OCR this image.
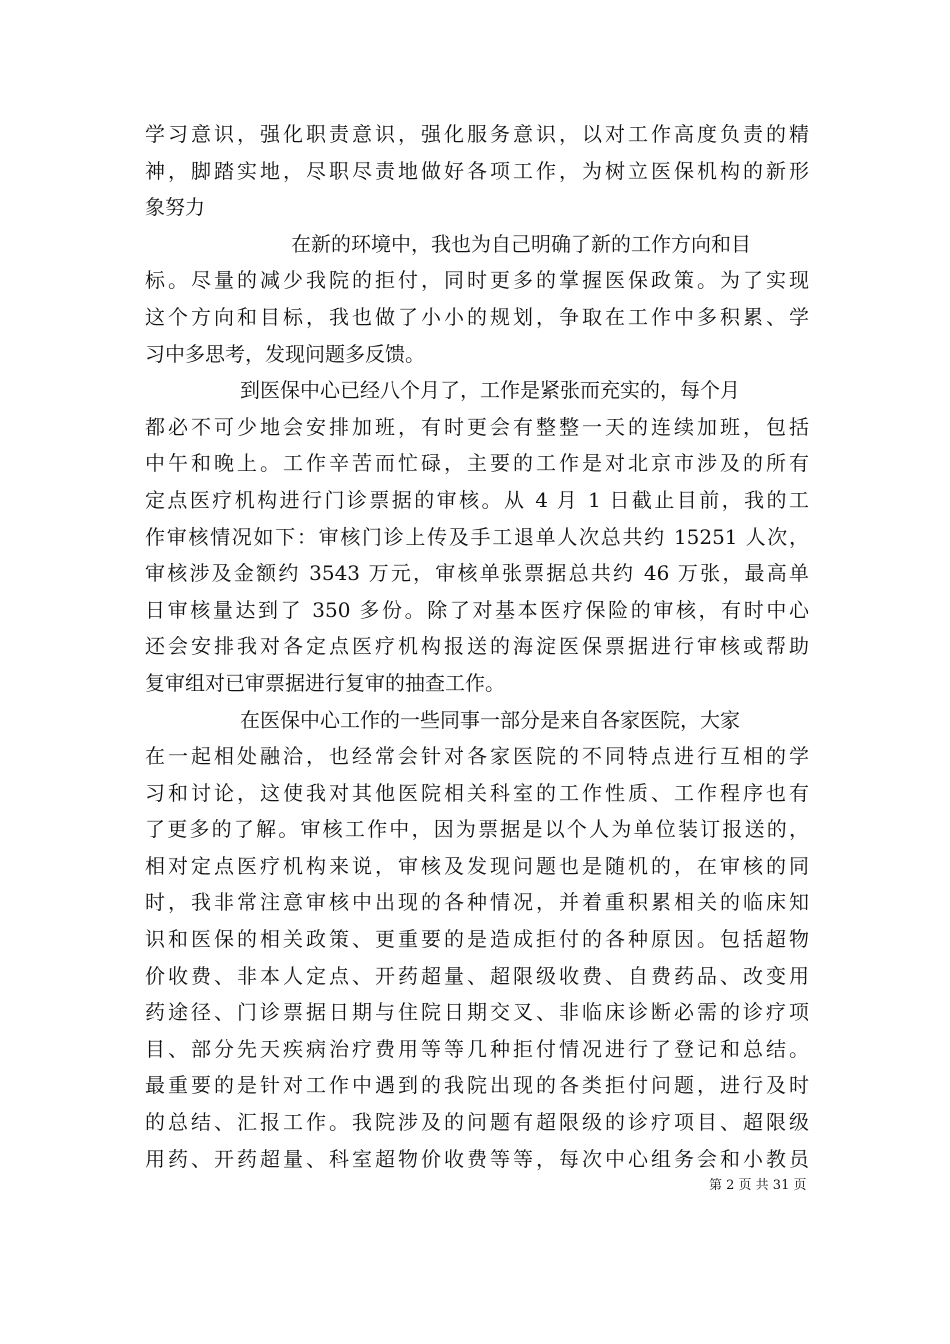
学习意识，强化职责意识，强化服务意识，以对工作高度负责的精
神，脚踏实地，尽职尽责地做好各项工作，为树立医保机构的新形
象努力
在新的环境中，我也为自己明确了新的工作方向和目
标。尽量的减少我院的拒付，同时更多的掌握医保政策。为了实现
这个方向和目标，我也做了小小的规划，争取在工作中多积累、学
习中多思考，发现问题多反馈。
到医保中心已经八个月了，工作是紧张而充实的，每个月
都必不可少地会安排加班，有时更会有整整一天的连续加班，包括
中午和晚上。工作辛苦而忙碌，主要的工作是对北京市涉及的所有
定点医疗机构进行门诊票据的审核。从 4 月 1 日截止目前，我的工
作审核情况如下：审核门诊上传及手工退单人次总共约 15251 人次，
审核涉及金额约 3543 万元，审核单张票据总共约 46 万张，最高单
日审核量达到了 350 多份。除了对基本医疗保险的审核，有时中心
还会安排我对各定点医疗机构报送的海淀医保票据进行审核或帮助
复审组对已审票据进行复审的抽查工作。
在医保中心工作的一些同事一部分是来自各家医院，大家
在一起相处融洽，也经常会针对各家医院的不同特点进行互相的学
习和讨论，这使我对其他医院相关科室的工作性质、工作程序也有
了更多的了解。审核工作中，因为票据是以个人为单位装订报送的，
相对定点医疗机构来说，审核及发现问题也是随机的，在审核的同
时，我非常注意审核中出现的各种情况，并着重积累相关的临床知
识和医保的相关政策、更重要的是造成拒付的各种原因。包括超物
价收费、非本人定点、开药超量、超限级收费、自费药品、改变用
药途径、门诊票据日期与住院日期交叉、非临床诊断必需的诊疗项
目、部分先天疾病治疗费用等等几种拒付情况进行了登记和总结。
最重要的是针对工作中遇到的我院出现的各类拒付问题，进行及时
的总结、汇报工作。我院涉及的问题有超限级的诊疗项目、超限级
用药、开药超量、科室超物价收费等等，每次中心组务会和小教员
第 2 页 共 31 页
